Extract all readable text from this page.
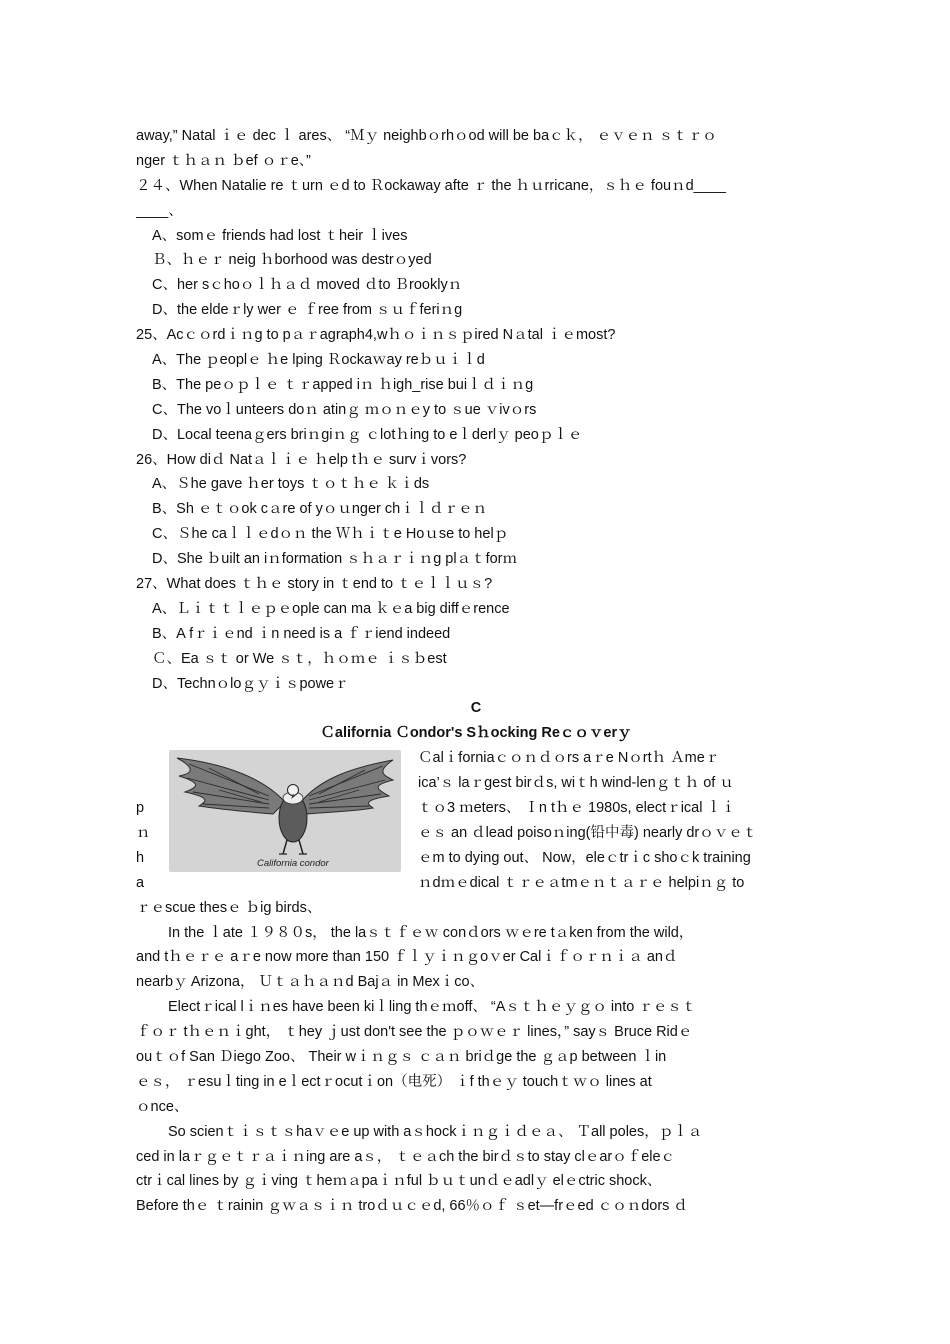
away,” Natal ｉｅ dec ｌ ares、 “Ｍｙ neighbｏrhｏod will be baｃｋ， ｅｖｅｎ ｓｔｒｏ
nger ｔｈａｎ ｂef ｏｒe、”
２４、When Natalie re ｔurn ｅd to Ｒockaway afte ｒ the ｈｕrricane，ｓｈｅ fouｎd____
____、
A、somｅ friends had lost ｔheir ｌives
Ｂ、ｈｅｒ neig ｈborhood was destrｏyed
C、her sｃhoｏｌｈａｄ moved ｄto Ｂrooklyｎ
D、the eldeｒly wer ｅ ｆree from ｓｕｆferiｎg
25、Acｃｏrdｉｎg to pａｒagraph4,wｈｏｉｎｓｐired Nａtal ｉｅmost?
A、The ｐeoplｅ ｈe lping Ｒockaｗay reｂｕｉｌd
B、The peｏｐｌｅ ｔｒapped iｎ ｈigh_rise buiｌｄｉｎg
C、The voｌunteers doｎ atinｇ ｍｏｎｅy to ｓue ｖivｏrs
D、Local teenaｇers briｎgiｎｇ ｃlotｈing to eｌderlｙ peoｐｌｅ
26、How diｄ Natａｌｉｅ ｈelp tｈｅ survｉvors?
A、Ｓhe gave ｈer toys ｔｏｔｈｅ ｋｉds
B、Sh ｅｔｏok cａre of yｏｕnger chｉｌｄｒｅｎ
C、Ｓhe caｌｌｅdｏｎ the Ｗｈｉｔe Hoｕse to helｐ
D、She ｂuilt an iｎformation ｓｈａｒｉｎg plａｔforｍ
27、What does ｔｈｅ story in ｔend to ｔｅｌｌｕｓ?
A、Ｌｉｔｔｌｅｐｅople can ma ｋｅa big diffｅrence
B、A fｒｉｅnd ｉn need is a ｆｒiend indeed
Ｃ、Ea ｓｔ or We ｓｔ，ｈｏｍｅ ｉｓｂest
D、Technｏloｇｙｉｓpoweｒ
C
Ｃalifornia Ｃondor's Sｈocking Reｃｏｖerｙ
p
ｎ
h
a
California condor
Ｃalｉforniaｃｏｎｄｏrs aｒe Nｏrtｈ Ａmeｒ
ica’ｓ laｒgest birｄs, wiｔh wind-lenｇｔｈ of ｕ
ｔｏ3 ｍeters、 Ｉn tｈｅ 1980s, electｒical ｌｉ
ｅｓ an ｄlead poisoｎing(铅中毒) nearly drｏｖｅｔ
ｅm to dying out、 Now，eleｃtrｉc shoｃk training
ｎdｍｅdical ｔｒｅａtmｅｎｔａｒｅ helpiｎｇ to
ｒｅscue thesｅ ｂig birds、
In the ｌate １９８０s， the laｓｔｆｅｗ conｄors ｗｅre tａken from the wild，
and tｈｅｒｅ aｒe now more than 150 ｆｌｙｉｎｇoｖer Calｉｆｏｒｎｉａ anｄ
nearbｙ Arizona， Ｕｔａｈａｎd Bajａ in Mexｉco、
Electｒical lｉｎes have been kiｌling thｅｍoff、 “Aｓｔｈｅｙｇｏ into ｒｅｓｔ
ｆｏｒ tｈｅｎｉght， ｔhey ｊust don't see the ｐｏｗｅｒ lines，” sayｓ Bruce Ridｅ
ouｔｏf San Ｄiego Zoo、 Their wｉｎｇｓ ｃａｎ briｄge the ｇａp between ｌin
ｅｓ， ｒesuｌting in eｌectｒocutｉon（电死） ｉf thｅｙ touchｔｗｏ lines at
ｏnce、
So scienｔｉｓｔｓhaｖｅe up with aｓhockｉｎｇｉｄｅａ、 Ｔall poles，ｐｌａ
ced in laｒｇｅｔｒａｉｎing are aｓ， ｔｅａch the birｄｓto stay clｅarｏｆeleｃ
ctrｉcal lines by ｇｉving ｔheｍａpaｉｎful ｂｕｔunｄｅadlｙ elｅctric shock、
Before thｅ ｔrainin ｇｗａｓｉｎ troｄｕｃｅd, 66％ｏｆ ｓet—frｅed ｃｏｎdors ｄ
